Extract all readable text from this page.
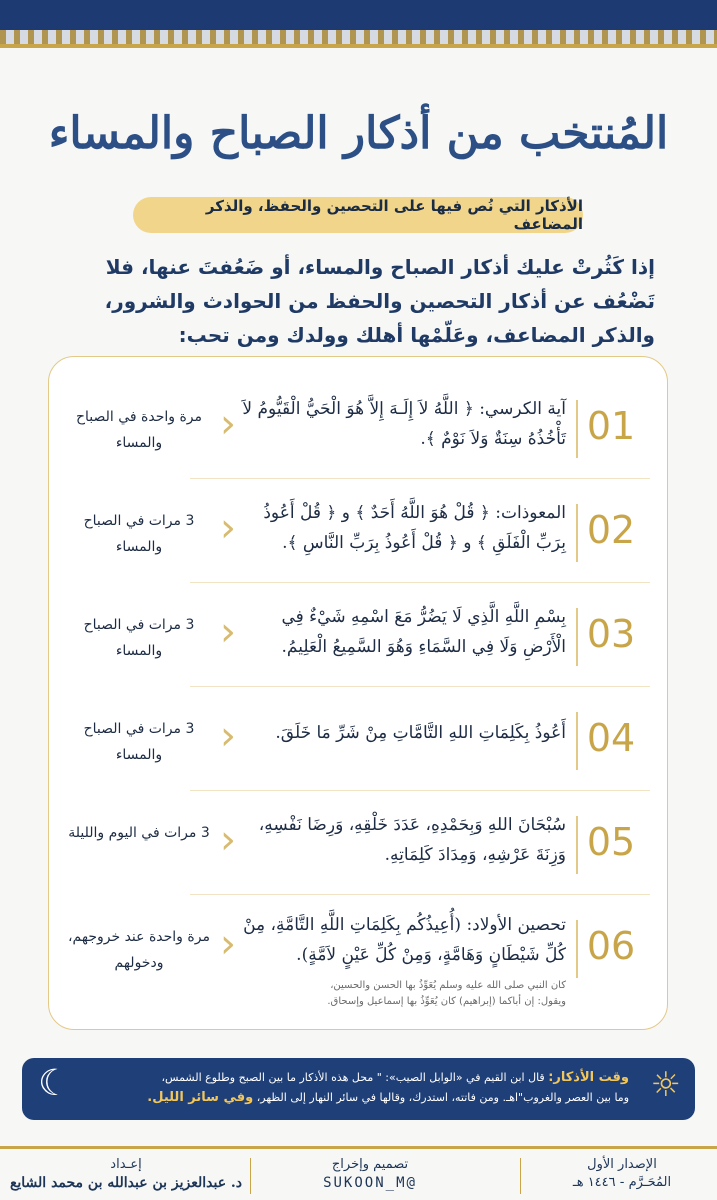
المُنتخب من أذكار الصباح والمساء
الأذكار التي نُص فيها على التحصين والحفظ، والذكر المضاعف
إذا كَثُرتْ عليك أذكار الصباح والمساء، أو ضَعُفتَ عنها، فلا تَضْعُف عن أذكار التحصين والحفظ من الحوادث والشرور، والذكر المضاعف، وعَلّمْها أهلك وولدك ومن تحب:
01
آية الكرسي: ﴿ اللَّهُ لاَ إِلَـهَ إِلاَّ هُوَ الْحَيُّ الْقَيُّومُ لاَ تَأْخُذُهُ سِنَةٌ وَلاَ نَوْمٌ ﴾.
‹
مرة واحدة في الصباح والمساء
02
المعوذات: ﴿ قُلْ هُوَ اللَّهُ أَحَدٌ ﴾ و ﴿ قُلْ أَعُوذُ بِرَبِّ الْفَلَقِ ﴾ و ﴿ قُلْ أَعُوذُ بِرَبِّ النَّاسِ ﴾.
‹
3 مرات في الصباح والمساء
03
بِسْمِ اللَّهِ الَّذِي لَا يَضُرُّ مَعَ اسْمِهِ شَيْءٌ فِي الْأَرْضِ وَلَا فِي السَّمَاءِ وَهُوَ السَّمِيعُ الْعَلِيمُ.
‹
3 مرات في الصباح والمساء
04
أَعُوذُ بِكَلِمَاتِ اللهِ التَّامَّاتِ مِنْ شَرِّ مَا خَلَقَ.
‹
3 مرات في الصباح والمساء
05
سُبْحَانَ اللهِ وَبِحَمْدِهِ، عَدَدَ خَلْقِهِ، وَرِضَا نَفْسِهِ، وَزِنَةَ عَرْشِهِ، وَمِدَادَ كَلِمَاتِهِ.
‹
3 مرات في اليوم والليلة
06
تحصين الأولاد: (أُعِيذُكُم بِكَلِمَاتِ اللَّهِ التَّامَّةِ، مِنْ كُلِّ شَيْطَانٍ وَهَامَّةٍ، وَمِنْ كُلِّ عَيْنٍ لاَمَّةٍ).
كان النبي صلى الله عليه وسلم يُعَوِّذُ بها الحسن والحسين،
ويقول: إن أباكما (إبراهيم) كان يُعَوِّذُ بها إسماعيل وإسحاق.
‹
مرة واحدة عند خروجهم، ودخولهم
☼
وقت الأذكار: قال ابن القيم في «الوابل الصيب»: " محل هذه الأذكار ما بين الصبح وطلوع الشمس،
وما بين العصر والغروب"اهـ. ومن فاتته، استدرك، وقالها في سائر النهار إلى الظهر، وفي سائر الليل.
☾
الإصدار الأول
المُحَـرَّم - ١٤٤٦ هـ
تصميم وإخراج
@SUKOON_M
إعـداد
د. عبدالعزيز بن عبدالله بن محمد الشايع
